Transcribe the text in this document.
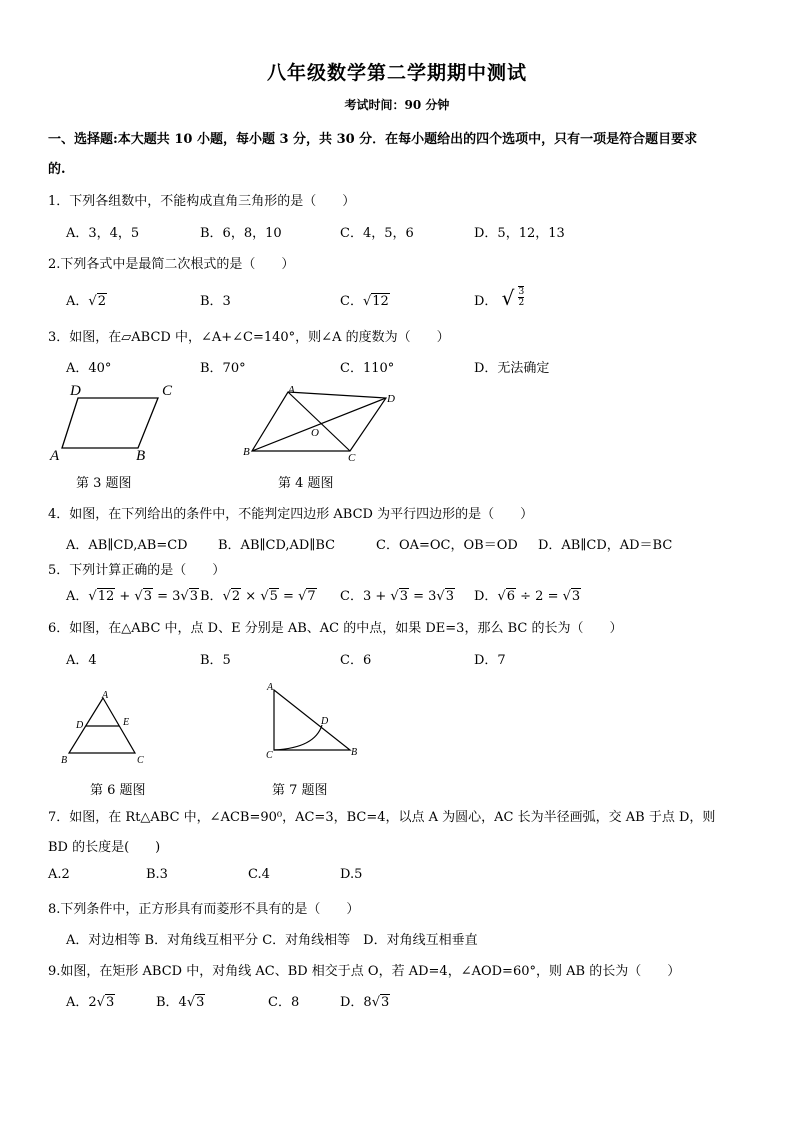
八年级数学第二学期期中测试
考试时间：90 分钟
一、选择题:本大题共 10 小题，每小题 3 分，共 30 分．在每小题给出的四个选项中，只有一项是符合题目要求
的.
1．下列各组数中，不能构成直角三角形的是（　　）
A．3，4，5	B．6，8，10	C．4，5，6	D．5，12，13
2.下列各式中是最简二次根式的是（　　）
A．√2	B．3	C．√12	D． √ $\frac{3}{2}$
3．如图，在▱ABCD 中，∠A+∠C=140°，则∠A 的度数为（　　）
A．40°	B．70°	C．110°	D．无法确定
D	C
A	B
第 3 题图
A
D
O
B	C
第 4 题图
4．如图，在下列给出的条件中，不能判定四边形 ABCD 为平行四边形的是（　　）
A．AB∥CD,AB=CD B．AB∥CD,AD∥BC	C．OA=OC，OB＝OD D．AB∥CD，AD＝BC
5．下列计算正确的是（　　）
A．√12 + √3 = 3√3 B．√2 × √5 = √7 C．3 + √3 = 3√3 D．√6 ÷ 2 = √3
6．如图，在△ABC 中，点 D、E 分别是 AB、AC 的中点，如果 DE=3，那么 BC 的长为（　　）
A．4	B．5	C．6	D．7
A
D	E
B	C
第 6 题图
A
D
C	B
第 7 题图
7．如图，在 Rt△ABC 中，∠ACB=90⁰，AC=3，BC=4，以点 A 为圆心，AC 长为半径画弧，交 AB 于点 D，则
BD 的长度是(　　)
A.2	B.3	C.4	D.5
8.下列条件中，正方形具有而菱形不具有的是（　　）
A．对边相等 B．对角线互相平分 C．对角线相等　D．对角线互相垂直
9.如图，在矩形 ABCD 中，对角线 AC、BD 相交于点 O，若 AD=4，∠AOD=60°，则 AB 的长为（　　）
A．2√3	B．4√3	C．8	D．8√3
